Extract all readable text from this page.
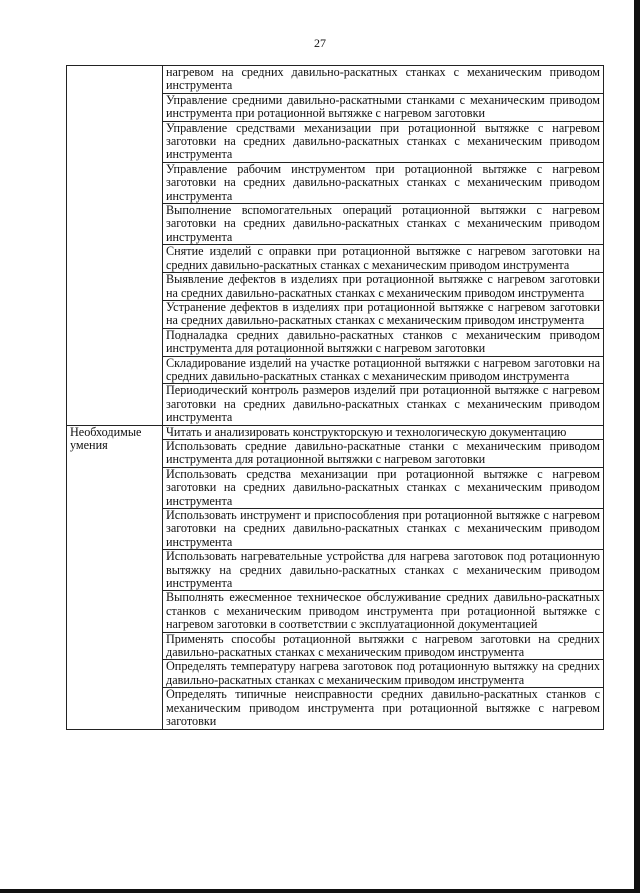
27
	нагревом на средних давильно-раскатных станках с механическим приводом инструмента
	Управление средними давильно-раскатными станками с механическим приводом инструмента при ротационной вытяжке с нагревом заготовки
	Управление средствами механизации при ротационной вытяжке с нагревом заготовки на средних давильно-раскатных станках с механическим приводом инструмента
	Управление рабочим инструментом при ротационной вытяжке с нагревом заготовки на средних давильно-раскатных станках с механическим приводом инструмента
	Выполнение вспомогательных операций ротационной вытяжки с нагревом заготовки на средних давильно-раскатных станках с механическим приводом инструмента
	Снятие изделий с оправки при ротационной вытяжке с нагревом заготовки на средних давильно-раскатных станках с механическим приводом инструмента
	Выявление дефектов в изделиях при ротационной вытяжке с нагревом заготовки на средних давильно-раскатных станках с механическим приводом инструмента
	Устранение дефектов в изделиях при ротационной вытяжке с нагревом заготовки на средних давильно-раскатных станках с механическим приводом инструмента
	Подналадка средних давильно-раскатных станков с механическим приводом инструмента для ротационной вытяжки с нагревом заготовки
	Складирование изделий на участке ротационной вытяжки с нагревом заготовки на средних давильно-раскатных станках с механическим приводом инструмента
	Периодический контроль размеров изделий при ротационной вытяжке с нагревом заготовки на средних давильно-раскатных станках с механическим приводом инструмента
Необходимые умения	Читать и анализировать конструкторскую и технологическую документацию
	Использовать средние давильно-раскатные станки с механическим приводом инструмента для ротационной вытяжки с нагревом заготовки
	Использовать средства механизации при ротационной вытяжке с нагревом заготовки на средних давильно-раскатных станках с механическим приводом инструмента
	Использовать инструмент и приспособления при ротационной вытяжке с нагревом заготовки на средних давильно-раскатных станках с механическим приводом инструмента
	Использовать нагревательные устройства для нагрева заготовок под ротационную вытяжку на средних давильно-раскатных станках с механическим приводом инструмента
	Выполнять ежесменное техническое обслуживание средних давильно-раскатных станков с механическим приводом инструмента при ротационной вытяжке с нагревом заготовки в соответствии с эксплуатационной документацией
	Применять способы ротационной вытяжки с нагревом заготовки на средних давильно-раскатных станках с механическим приводом инструмента
	Определять температуру нагрева заготовок под ротационную вытяжку на средних давильно-раскатных станках с механическим приводом инструмента
	Определять типичные неисправности средних давильно-раскатных станков с механическим приводом инструмента при ротационной вытяжке с нагревом заготовки
